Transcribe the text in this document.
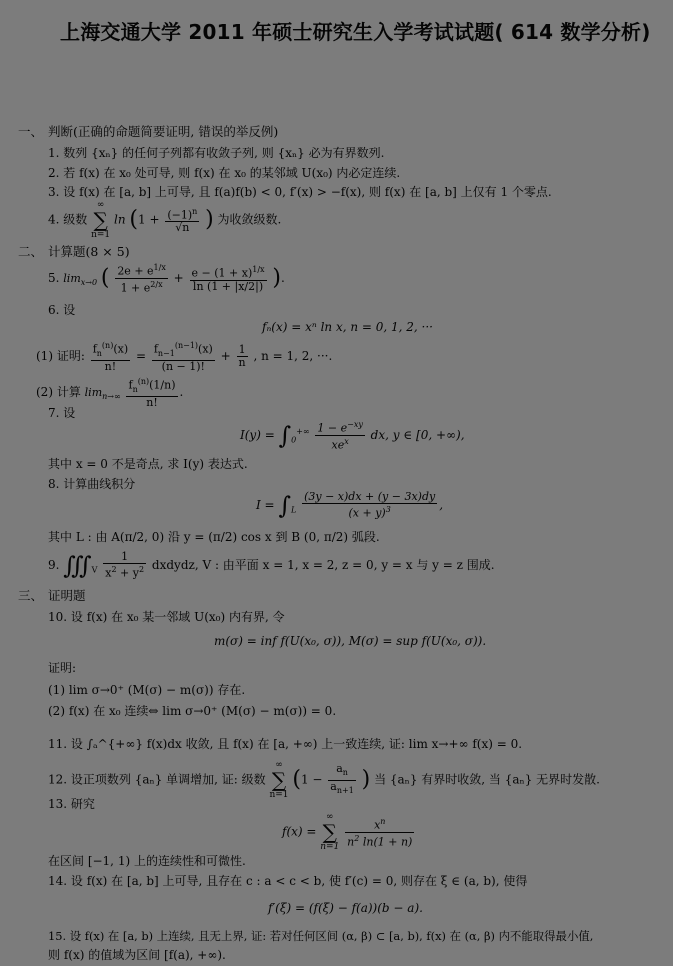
上海交通大学 2011 年硕士研究生入学考试试题( 614 数学分析)
一、 判断(正确的命题简要证明, 错误的举反例)
1. 数列 {xₙ} 的任何子列都有收敛子列, 则 {xₙ} 必为有界数列.
2. 若 f(x) 在 x₀ 处可导, 则 f(x) 在 x₀ 的某邻域 U(x₀) 内必定连续.
3. 设 f(x) 在 [a, b] 上可导, 且 f(a)f(b) < 0, f′(x) > −f(x), 则 f(x) 在 [a, b] 上仅有 1 个零点.
4. 级数 ∞
∑
n=1 $\ln (1 + \frac{(-1)^n}{√n}$ ) 为收敛级数.
二、 计算题(8 × 5)
5. $\lim_{x\to 0}$ ( $\frac{2e + e^{1/x}}{1 + e^{2/x}} + \frac{e - (1 + x)^{1/x}}{\ln (1 + |x/2|)}$ ).
6. 设
fₙ(x) = xⁿ ln x, n = 0, 1, 2, ···
(1) 证明: $\frac{f_n^{(n)}(x)}{n!} = \frac{f_{n-1}^{(n-1)}(x)}{(n - 1)!} + \frac{1}{n}$ , n = 1, 2, ···.
(2) 计算 $\lim_{n\to\infty} \frac{f_n^{(n)}(1/n)}{n!}$ .
7. 设
$I(y) = \int_0^{+\infty} \frac{1 - e^{-xy}}{xe^x}$ dx, y ∈ [0, +∞),
其中 x = 0 不是奇点, 求 I(y) 表达式.
8. 计算曲线积分
$I = \int_L \frac{(3y - x)dx + (y - 3x)dy}{(x + y)^3}$ ,
其中 L : 由 A(π/2, 0) 沿 y = (π/2) cos x 到 B (0, π/2) 弧段.
9. $∭_V \frac{1}{x^2 + y^2}$ dxdydz, V : 由平面 x = 1, x = 2, z = 0, y = x 与 y = z 围成.
三、 证明题
10. 设 f(x) 在 x₀ 某一邻域 U(x₀) 内有界, 令
m(σ) = inf f(U(x₀, σ)), M(σ) = sup f(U(x₀, σ)).
证明:
(1) lim σ→0⁺ (M(σ) − m(σ)) 存在.
(2) f(x) 在 x₀ 连续⇔ lim σ→0⁺ (M(σ) − m(σ)) = 0.
11. 设 ∫ₐ^{+∞} f(x)dx 收敛, 且 f(x) 在 [a, +∞) 上一致连续, 证: lim x→+∞ f(x) = 0.
12. 设正项数列 {aₙ} 单调增加, 证: 级数 ∞
∑
n=1 ($1 - \frac{a_n}{a_{n+1}}$ ) 当 {aₙ} 有界时收敛, 当 {aₙ} 无界时发散.
13. 研究
f(x) = ∞
∑
$n=1 \frac{x^n}{n^2 \ln(1 + n)}$
在区间 [−1, 1) 上的连续性和可微性.
14. 设 f(x) 在 [a, b] 上可导, 且存在 c : a < c < b, 使 f′(c) = 0, 则存在 ξ ∈ (a, b), 使得
f′(ξ) = (f(ξ) − f(a))(b − a).
15. 设 f(x) 在 [a, b) 上连续, 且无上界, 证: 若对任何区间 (α, β) ⊂ [a, b), f(x) 在 (α, β) 内不能取得最小值,
则 f(x) 的值域为区间 [f(a), +∞).
